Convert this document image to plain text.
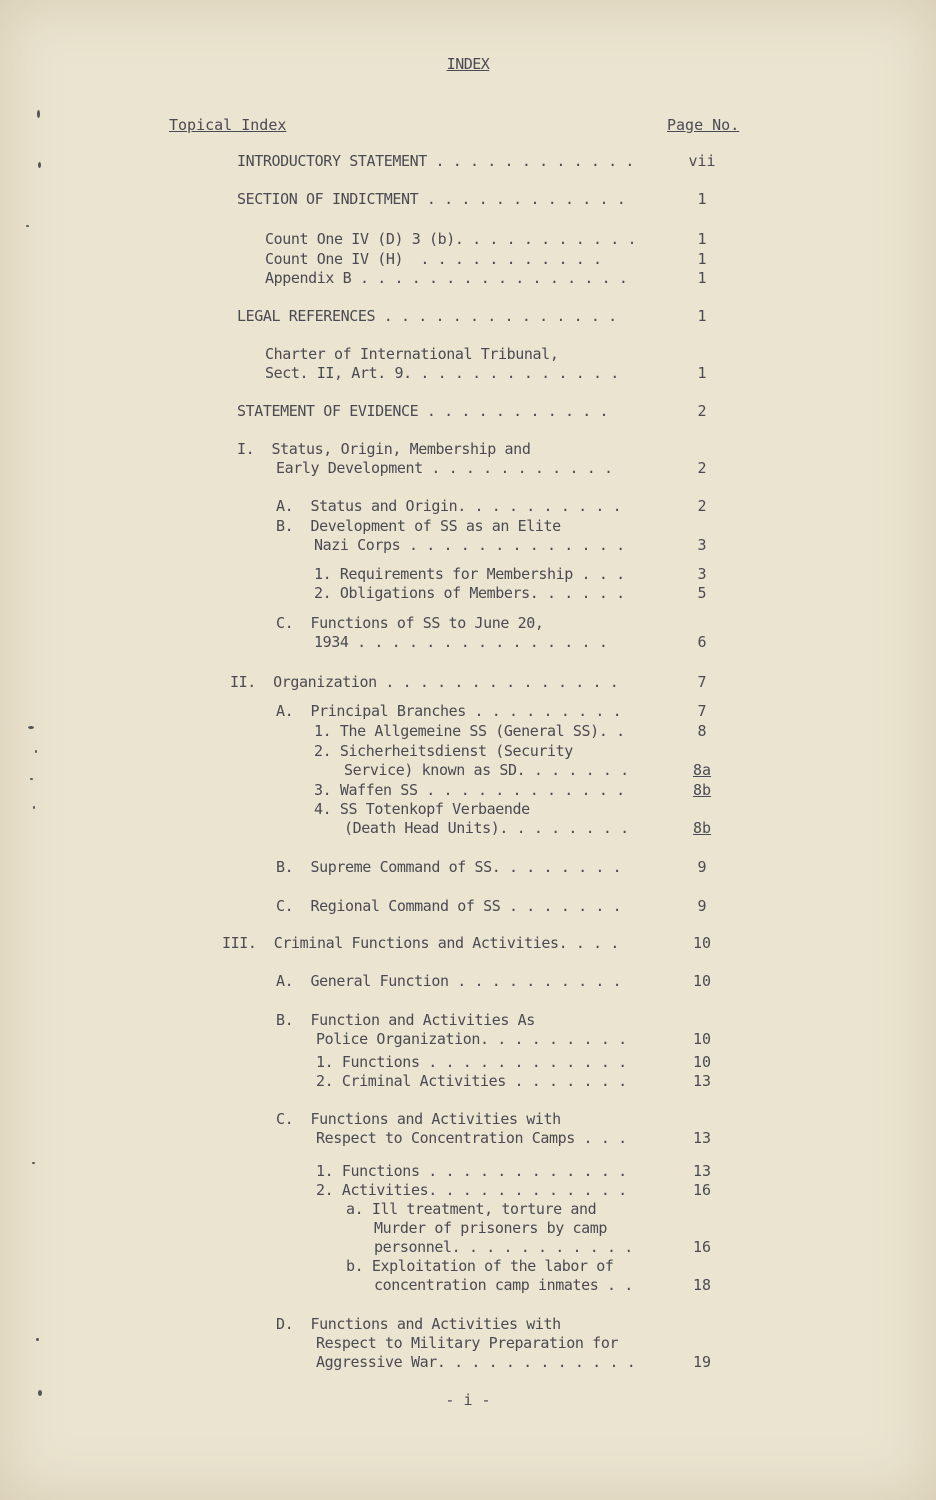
INDEX
Topical Index	Page No.
INTRODUCTORY STATEMENT . . . . . . . . . . . .	vii
SECTION OF INDICTMENT . . . . . . . . . . . .	1
Count One IV (D) 3 (b). . . . . . . . . . .	1
Count One IV (H)  . . . . . . . . . . .	1
Appendix B . . . . . . . . . . . . . . . .	1
LEGAL REFERENCES . . . . . . . . . . . . . .	1
Charter of International Tribunal,
Sect. II, Art. 9. . . . . . . . . . . . .	1
STATEMENT OF EVIDENCE . . . . . . . . . . .	2
I.  Status, Origin, Membership and
Early Development . . . . . . . . . . .	2
A.  Status and Origin. . . . . . . . . .	2
B.  Development of SS as an Elite
Nazi Corps . . . . . . . . . . . . .	3
1. Requirements for Membership . . .	3
2. Obligations of Members. . . . . .	5
C.  Functions of SS to June 20,
1934 . . . . . . . . . . . . . . .	6
II.  Organization . . . . . . . . . . . . . .	7
A.  Principal Branches . . . . . . . . .	7
1. The Allgemeine SS (General SS). .	8
2. Sicherheitsdienst (Security
Service) known as SD. . . . . . .	8a
3. Waffen SS . . . . . . . . . . . .	8b
4. SS Totenkopf Verbaende
(Death Head Units). . . . . . . .	8b
B.  Supreme Command of SS. . . . . . . .	9
C.  Regional Command of SS . . . . . . .	9
III.  Criminal Functions and Activities. . . .	10
A.  General Function . . . . . . . . . .	10
B.  Function and Activities As
Police Organization. . . . . . . . .	10
1. Functions . . . . . . . . . . . .	10
2. Criminal Activities . . . . . . .	13
C.  Functions and Activities with
Respect to Concentration Camps . . .	13
1. Functions . . . . . . . . . . . .	13
2. Activities. . . . . . . . . . . .	16
a. Ill treatment, torture and
Murder of prisoners by camp
personnel. . . . . . . . . . .	16
b. Exploitation of the labor of
concentration camp inmates . .	18
D.  Functions and Activities with
Respect to Military Preparation for
Aggressive War. . . . . . . . . . . .	19
- i -
